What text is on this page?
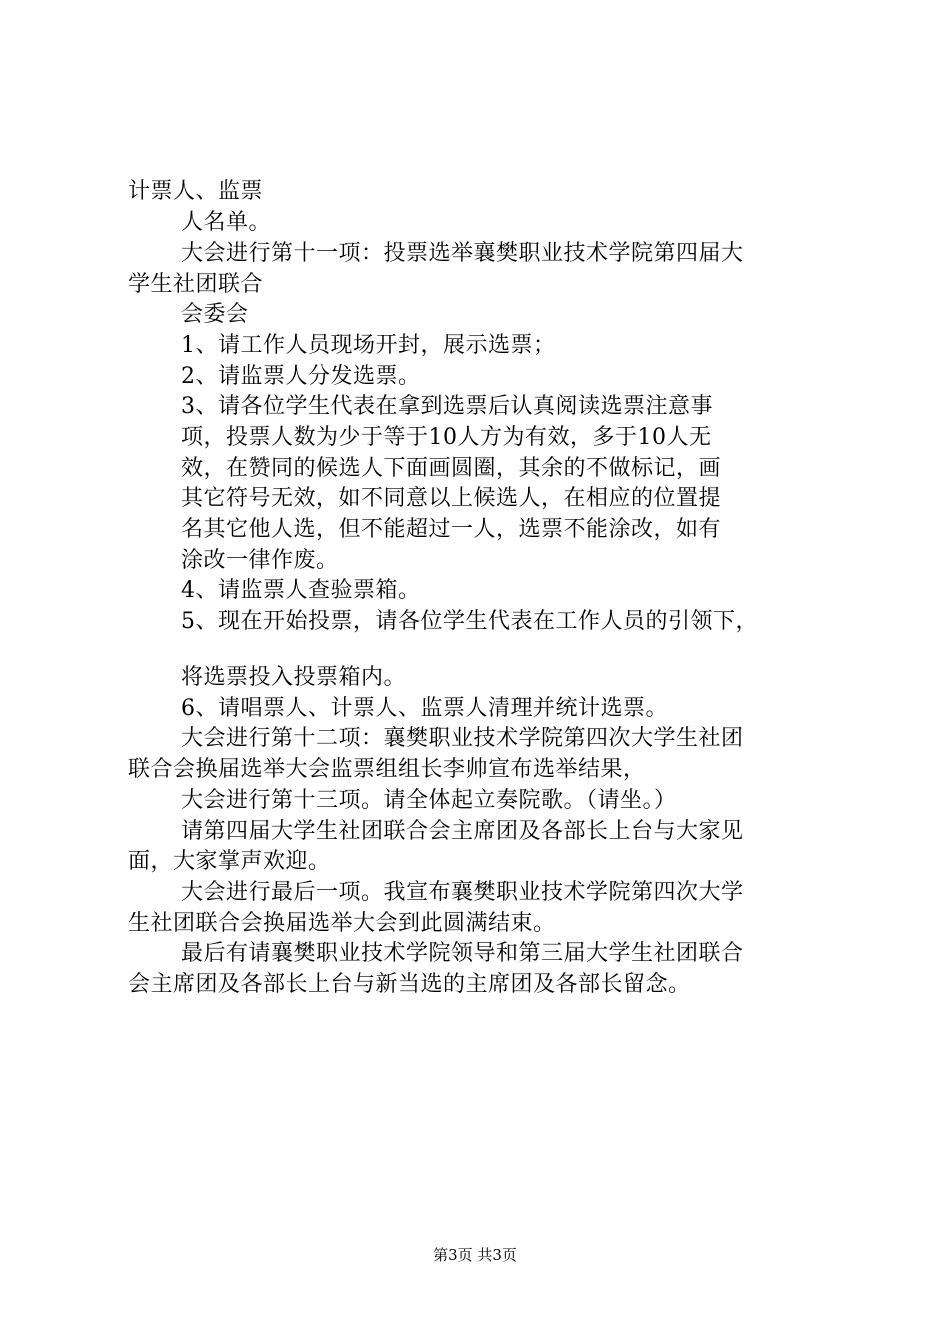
计票人、监票
人名单。
大会进行第十一项：投票选举襄樊职业技术学院第四届大
学生社团联合
会委会
1、请工作人员现场开封，展示选票；
2、请监票人分发选票。
3、请各位学生代表在拿到选票后认真阅读选票注意事
项，投票人数为少于等于10人方为有效，多于10人无
效，在赞同的候选人下面画圆圈，其余的不做标记，画
其它符号无效，如不同意以上候选人，在相应的位置提
名其它他人选，但不能超过一人，选票不能涂改，如有
涂改一律作废。
4、请监票人查验票箱。
5、现在开始投票，请各位学生代表在工作人员的引领下，
将选票投入投票箱内。
6、请唱票人、计票人、监票人清理并统计选票。
大会进行第十二项：襄樊职业技术学院第四次大学生社团
联合会换届选举大会监票组组长李帅宣布选举结果，
大会进行第十三项。请全体起立奏院歌。（请坐。）
请第四届大学生社团联合会主席团及各部长上台与大家见
面，大家掌声欢迎。
大会进行最后一项。我宣布襄樊职业技术学院第四次大学
生社团联合会换届选举大会到此圆满结束。
最后有请襄樊职业技术学院领导和第三届大学生社团联合
会主席团及各部长上台与新当选的主席团及各部长留念。
第3页 共3页
